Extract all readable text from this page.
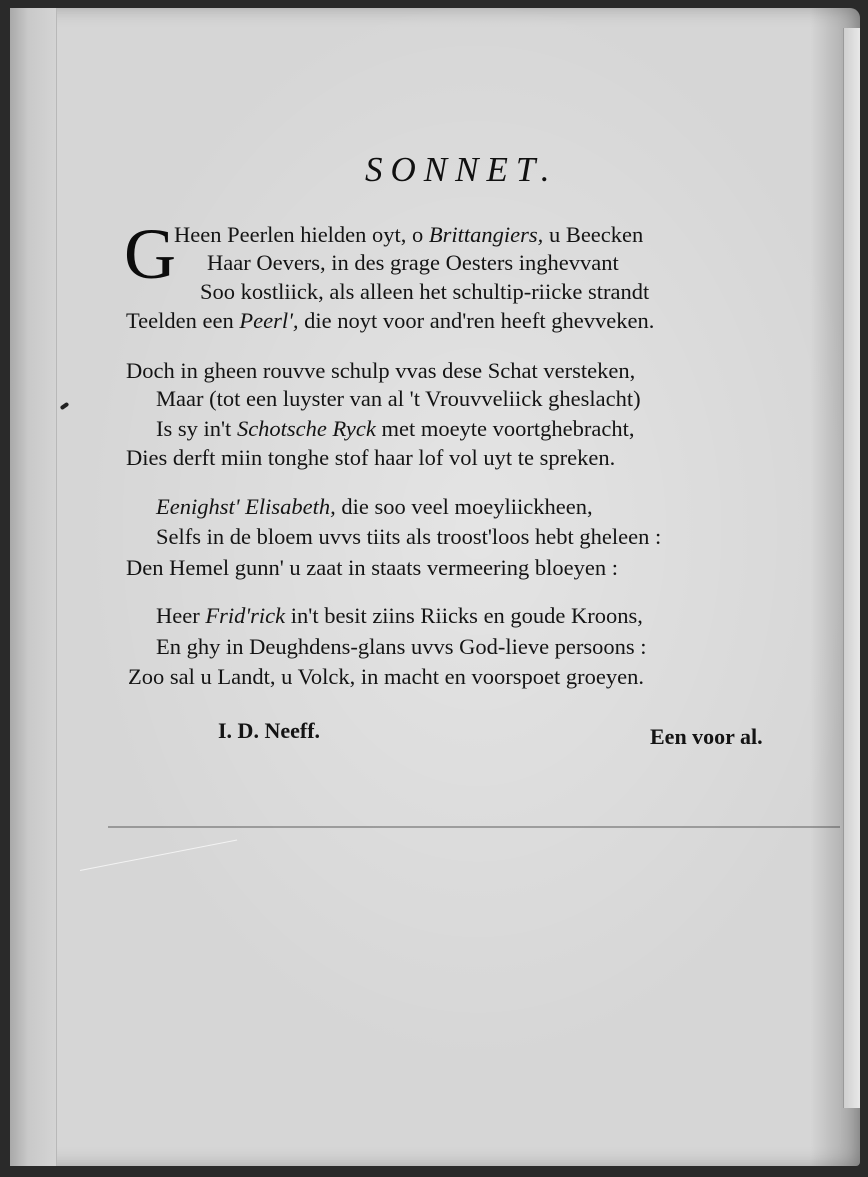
SONNET.
G
Heen Peerlen hielden oyt, o Brittangiers, u Beecken
Haar Oevers, in des grage Oesters inghevvant
Soo kostliick, als alleen het schultip-riicke strandt
Teelden een Peerl', die noyt voor and'ren heeft ghevveken.
Doch in gheen rouvve schulp vvas dese Schat versteken,
Maar (tot een luyster van al 't Vrouvveliick gheslacht)
Is sy in't Schotsche Ryck met moeyte voortghebracht,
Dies derft miin tonghe stof haar lof vol uyt te spreken.
Eenighst' Elisabeth, die soo veel moeyliickheen,
Selfs in de bloem uvvs tiits als troost'loos hebt gheleen :
Den Hemel gunn' u zaat in staats vermeering bloeyen :
Heer Frid'rick in't besit ziins Riicks en goude Kroons,
En ghy in Deughdens-glans uvvs God-lieve persoons :
Zoo sal u Landt, u Volck, in macht en voorspoet groeyen.
I. D. Neeff.	Een voor al.
